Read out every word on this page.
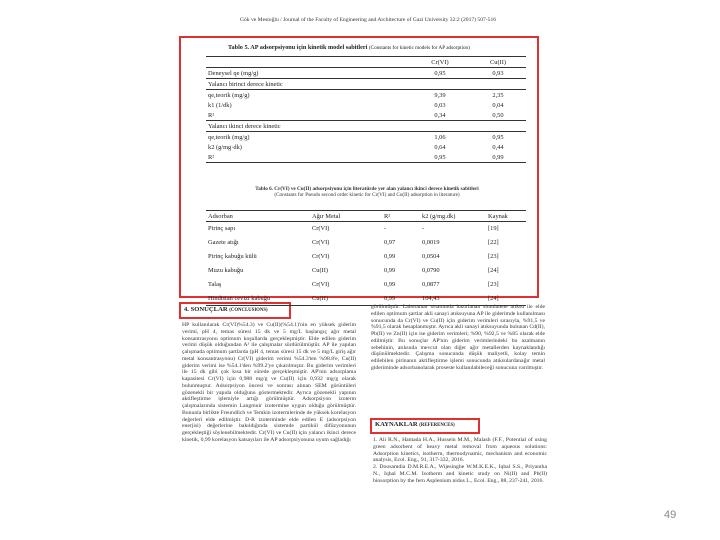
Gök ve Mestoğlu / Journal of the Faculty of Engineering and Architecture of Gazi University 32:2 (2017) 507-516
Tablo 5. AP adsorpsiyonu için kinetik model sabitleri (Constants for kinetic models for AP adsorption)
	Cr(VI)	Cu(II)
Deneysel qe (mg/g)	0,95	0,93
Yalancı birinci derece kinetic		
qe,teorik (mg/g)	9,39	2,35
k1 (1/dk)	0,03	0,04
R²	0,34	0,50
Yalancı ikinci derece kinetic		
qe,teorik (mg/g)	1,06	0,95
k2 (g/mg·dk)	0,64	0,44
R²	0,95	0,99
Tablo 6. Cr(VI) ve Cu(II) adsorpsiyonu için literatürde yer alan yalancı ikinci derece kinetik sabitleri
(Constants for Pseudo second order kinetic for Cr(VI) and Cu(II) adsorption in literature)
Adsorban	Ağır Metal	R²	k2 (g/mg.dk)	Kaynak
Pirinç sapı	Cr(VI)	-	-	[19]
Gazete atığı	Cr(VI)	0,97	0,0019	[22]
Pirinç kabuğu külü	Cr(VI)	0,99	0,0504	[23]
Muzu kabuğu	Cu(II)	0,99	0,0790	[24]
Talaş	Cr(VI)	0,99	0,0877	[23]
Hindistan cevizi kabuğu	Cu(II)	0,99	104,43	[24]
4. SONUÇLAR (CONCLUSIONS)

HP kullanılarak Cr(VI)%54.3) ve Cu(II)(%54.1)'nin en yüksek giderim verimi, pH 4, temas süresi 15 dk ve 5 mg/L başlangıç ağır metal konsantrasyonu optimum koşullarda gerçekleşmiştir. Elde edilen giderim verimi düşük olduğundan A² ile çalışmalar sürdürülmüştür. AP ile yapılan çalışmada optimum şartlarda (pH 4, temas süresi 15 dk ve 5 mg/L giriş ağır metal konsantrasyonu) Cr(VI) giderim verimi %54.3'ten %98.8'e, Cu(II) giderim verimi ise %54.1'den %99.2'ye çıkarılmıştır. Bu giderim verimleri ile 15 dk gibi çok kısa bir sürede gerçekleşmiştir. AP'nin adsorplama kapasitesi Cr(VI) için 0,988 mg/g ve Cu(II) için 0,932 mg/g olarak bulunmuştur. Adsorpsiyon öncesi ve sonrası alınan SEM görüntüleri gözenekli bir yapıda olduğunu göstermektedir. Ayrıca gözenekli yapının aktifleştirme işlemiyle artığı görülmüştür. Adsorpsiyon izoterm çalışmalarında sistemin Langmuir izotermine uygun olduğu görülmüştür. Bununla birlikte Freundlich ve Temkin izotermlerinde de yüksek korelasyon değerleri elde edilmiştir. D-R izoterminde elde edilen E (adsorpsiyon enerjisi) değerlerine bakıldığında sistemde partikül difüzyonunun gerçekleştiği söylenebilmektedir. Cr(VI) ve Cu(II) için yalancı ikinci derece kinetik, 0,99 korelasyon katsayıları ile AP adsorpsiyonuna uyum sağladığı

görülmüştür. Laboratuar ortamında hazırlanan simulatene atıksu ile elde edilen optimum şartlar akli sanayi atıksuyuna AP ile giderimde kullanılması sonucunda da Cr(VI) ve Cu(II) için giderim verimleri sırasıyla, %91,5 ve %91,5 olarak hesaplanmıştır. Ayrıca akli sanayi atıksuyunda bulunan Cd(II), Pb(II) ve Zn(II) için ise giderim verimleri; %90, %92,5 ve %85 olarak elde edilmiştir. Bu sonuçlar AP'nin giderim verimlerindeki bu azalmanın sebebinin, atıksuda mevcut olan diğer ağır metallerden kaynaklandığı düşünülmektedir. Çalışma sonucunda düşük maliyetli, kolay temin edilebilen pirinanın aktifleştirme işlemi sonucunda atıksulardanağır metal gideriminde adsorbanolarak proseste kullanılabileceği sonucuna varılmıştır.

KAYNAKLAR (REFERENCES)

1. Ali R.N., Hamada H.A., Hussein M.M., Malash (F.F., Potential of using green adsorbent of heavy metal removal from aqueous solutions: Adsorption kinetics, isotherm, thermodynamic, mechanism and economic analysis, Ecol. Eng., 91, 317-332, 2016.

2. Doosamdia D.M.R.E.A., Wijesinghe W.M.K.E.K., Iqbal S.S., Priyantha N., Iqbal M.C.M. Isotherm and kinetic study on Ni(II) and Pb(II) biosorption by the fern Asplenium nidus L., Ecol. Eng., 88, 237-241, 2016.

49
